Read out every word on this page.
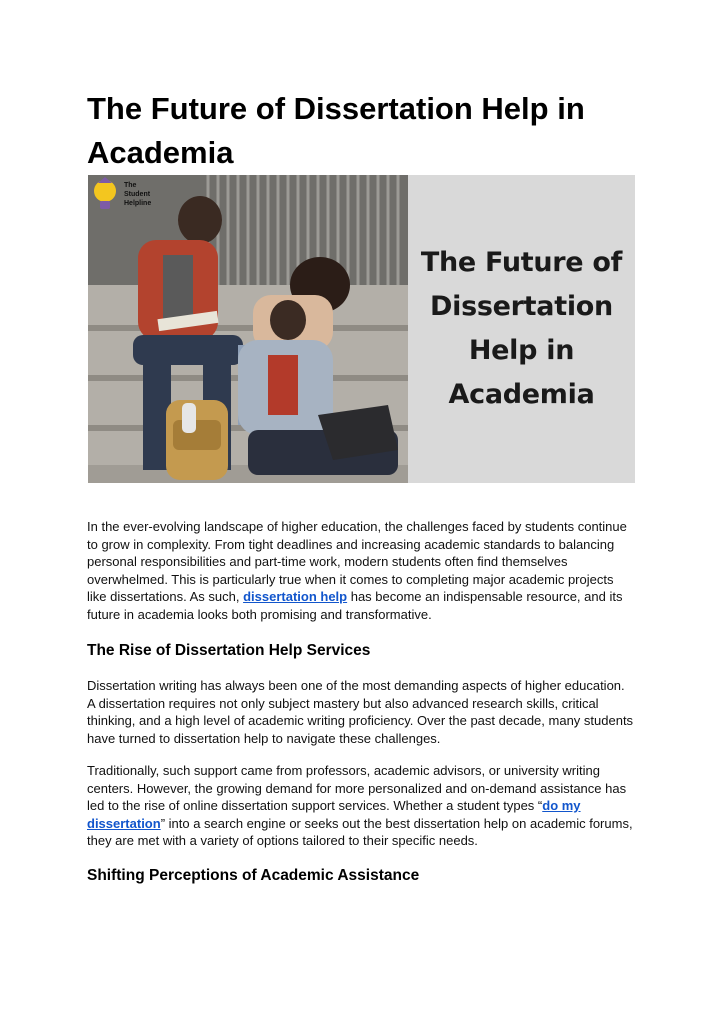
The Future of Dissertation Help in Academia
The
Student
Helpline
The Future of
Dissertation
Help in
Academia

In the ever-evolving landscape of higher education, the challenges faced by students continue to grow in complexity. From tight deadlines and increasing academic standards to balancing personal responsibilities and part-time work, modern students often find themselves overwhelmed. This is particularly true when it comes to completing major academic projects like dissertations. As such, dissertation help has become an indispensable resource, and its future in academia looks both promising and transformative.

The Rise of Dissertation Help Services

Dissertation writing has always been one of the most demanding aspects of higher education. A dissertation requires not only subject mastery but also advanced research skills, critical thinking, and a high level of academic writing proficiency. Over the past decade, many students have turned to dissertation help to navigate these challenges.

Traditionally, such support came from professors, academic advisors, or university writing centers. However, the growing demand for more personalized and on-demand assistance has led to the rise of online dissertation support services. Whether a student types “do my dissertation” into a search engine or seeks out the best dissertation help on academic forums, they are met with a variety of options tailored to their specific needs.

Shifting Perceptions of Academic Assistance
